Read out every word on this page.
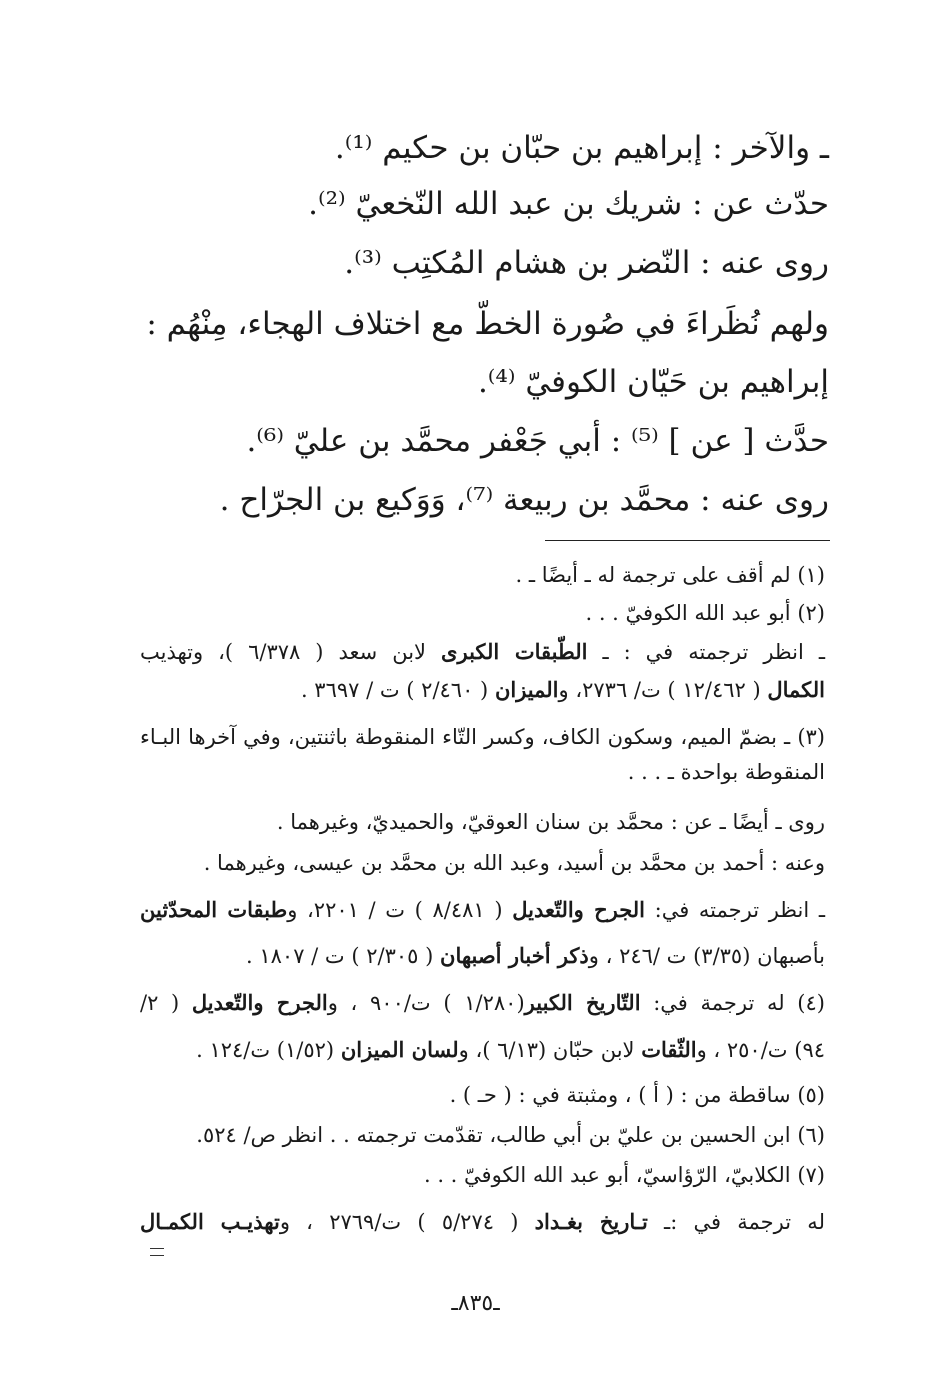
ـ والآخر : إبراهيم بن حبّان بن حكيم ⁽¹⁾.
حدّث عن : شريك بن عبد الله النّخعيّ ⁽²⁾.
روى عنه : النّضر بن هشام المُكتِب ⁽³⁾.
ولهم نُظَراءَ في صُورة الخطّ مع اختلاف الهجاء، مِنْهُم :
إبراهيم بن حَيّان الكوفيّ ⁽⁴⁾.
حدَّث [ عن ] ⁽⁵⁾ : أبي جَعْفر محمَّد بن عليّ ⁽⁶⁾.
روى عنه : محمَّد بن ربيعة ⁽⁷⁾، وَوَكيع بن الجرّاح .
(١) لم أقف على ترجمة له ـ أيضًا ـ .
(٢) أبو عبد الله الكوفيّ . . .
ـ انظر ترجمته في : ـ الطّبقات الكبرى لابن سعد ( ٦/٣٧٨ )، وتهذيب
الكمال ( ١٢/٤٦٢ ) ت/ ٢٧٣٦، والميزان ( ٢/٤٦٠ ) ت / ٣٦٩٧ .
(٣) ـ بضمّ الميم، وسكون الكاف، وكسر التّاء المنقوطة باثنتين، وفي آخرها البـاء
المنقوطة بواحدة ـ . . .
روى ـ أيضًا ـ عن : محمَّد بن سنان العوقيّ، والحميديّ، وغيرهما .
وعنه : أحمد بن محمَّد بن أسيد، وعبد الله بن محمَّد بن عيسى، وغيرهما .
ـ انظر ترجمته في: الجرح والتّعديل ( ٨/٤٨١ ) ت / ٢٢٠١، وطبقات المحدّثين
بأصبهان (٣/٣٥) ت /٢٤٦ ، وذكر أخبار أصبهان ( ٢/٣٠٥ ) ت / ١٨٠٧ .
(٤) له ترجمة في: التّاريخ الكبير(١/٢٨٠ ) ت/٩٠٠ ، والجرح والتّعديل ( ٢/
٩٤) ت/٢٥٠ ، والثّقات لابن حبّان (٦/١٣ )، ولسان الميزان (١/٥٢) ت/١٢٤ .
(٥) ساقطة من : ( أ ) ، ومثبتة في : ( حـ ) .
(٦) ابن الحسين بن عليّ بن أبي طالب، تقدّمت ترجمته . . انظر ص/ ٥٢٤.
(٧) الكلابيّ، الرّؤاسيّ، أبو عبد الله الكوفيّ . . .
له ترجمة في :ـ تـاريخ بغـداد ( ٥/٢٧٤ ) ت/٢٧٦٩ ، وتهذيـب الكمـال
ـ٨٣٥ـ
